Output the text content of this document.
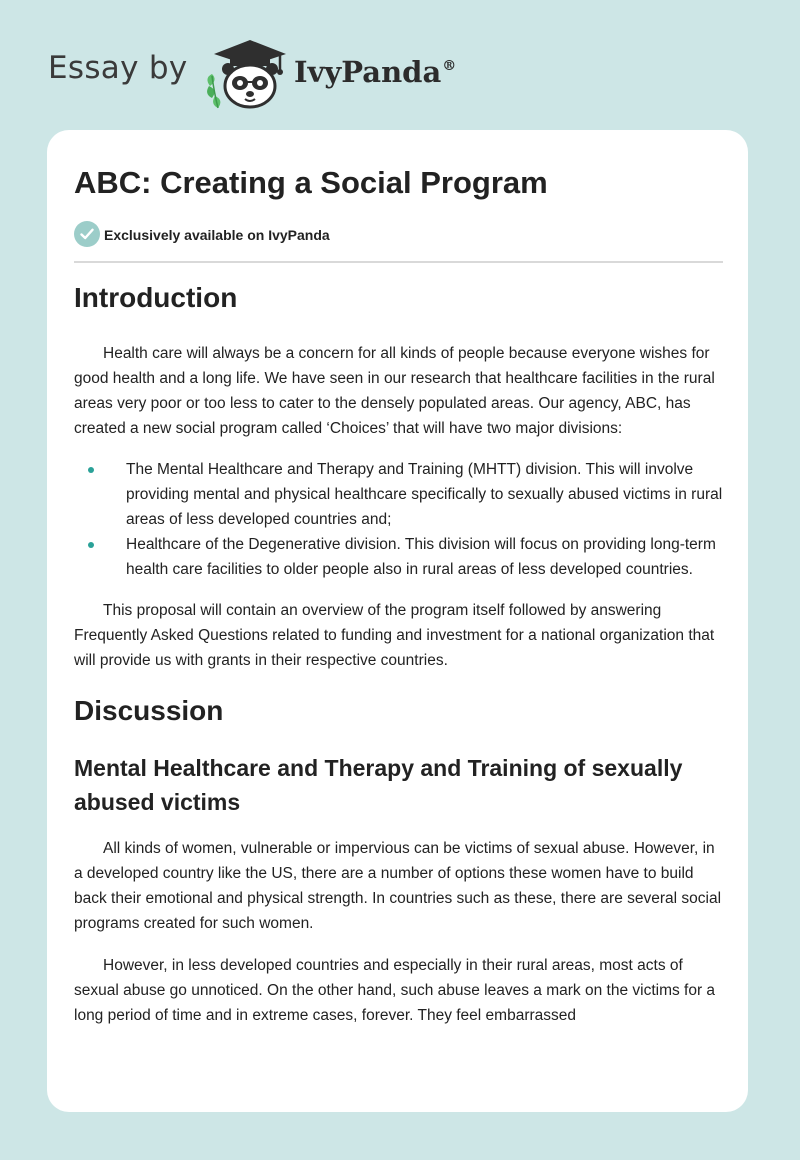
Essay by	IvyPanda®
ABC: Creating a Social Program
Exclusively available on IvyPanda
Introduction

Health care will always be a concern for all kinds of people because everyone wishes for good health and a long life. We have seen in our research that healthcare facilities in the rural areas very poor or too less to cater to the densely populated areas. Our agency, ABC, has created a new social program called ‘Choices’ that will have two major divisions:

The Mental Healthcare and Therapy and Training (MHTT) division. This will involve providing mental and physical healthcare specifically to sexually abused victims in rural areas of less developed countries and;
Healthcare of the Degenerative division. This division will focus on providing long-term health care facilities to older people also in rural areas of less developed countries.

This proposal will contain an overview of the program itself followed by answering Frequently Asked Questions related to funding and investment for a national organization that will provide us with grants in their respective countries.

Discussion
Mental Healthcare and Therapy and Training of sexually abused victims

All kinds of women, vulnerable or impervious can be victims of sexual abuse. However, in a developed country like the US, there are a number of options these women have to build back their emotional and physical strength. In countries such as these, there are several social programs created for such women.

However, in less developed countries and especially in their rural areas, most acts of sexual abuse go unnoticed. On the other hand, such abuse leaves a mark on the victims for a long period of time and in extreme cases, forever. They feel embarrassed
